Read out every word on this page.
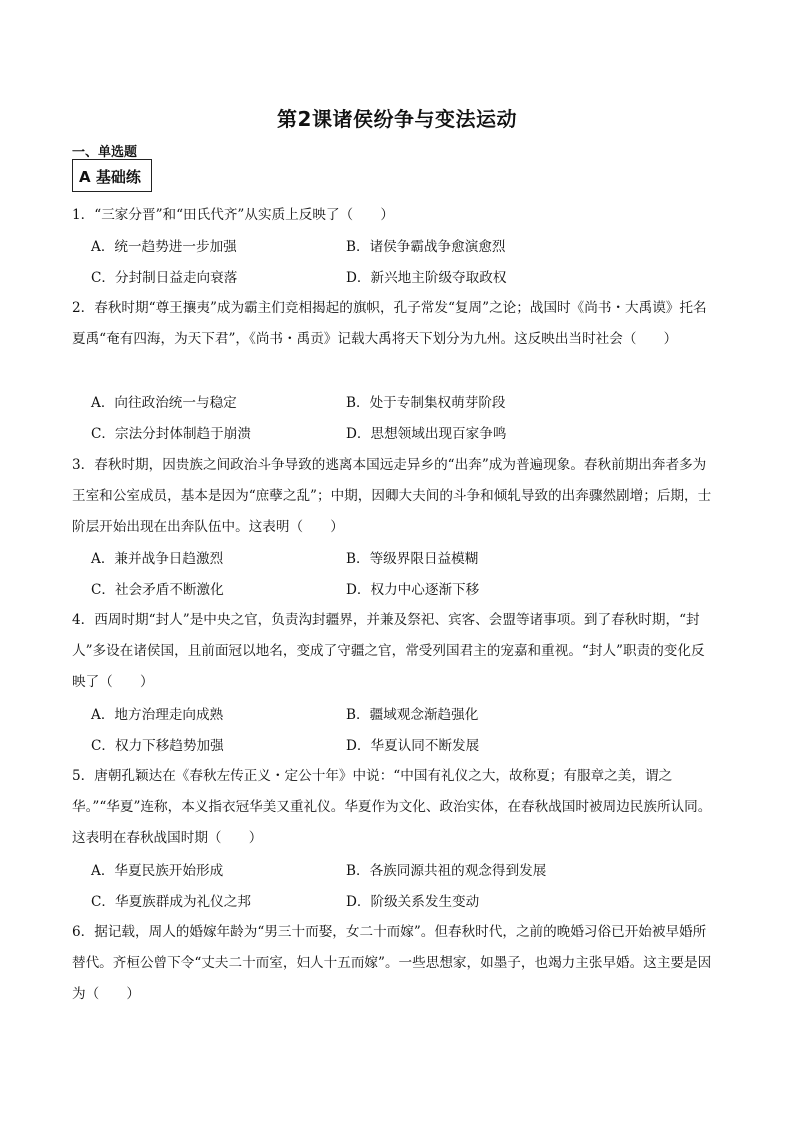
第2课诸侯纷争与变法运动
一、单选题
A 基础练
1．“三家分晋”和“田氏代齐”从实质上反映了（　　）
A．统一趋势进一步加强	B．诸侯争霸战争愈演愈烈
C．分封制日益走向衰落	D．新兴地主阶级夺取政权
2．春秋时期“尊王攘夷”成为霸主们竞相揭起的旗帜，孔子常发“复周”之论；战国时《尚书・大禹谟》托名夏禹“奄有四海，为天下君”，《尚书・禹贡》记载大禹将天下划分为九州。这反映出当时社会（　　）
A．向往政治统一与稳定	B．处于专制集权萌芽阶段
C．宗法分封体制趋于崩溃	D．思想领域出现百家争鸣
3．春秋时期，因贵族之间政治斗争导致的逃离本国远走异乡的“出奔”成为普遍现象。春秋前期出奔者多为王室和公室成员，基本是因为“庶孽之乱”；中期，因卿大夫间的斗争和倾轧导致的出奔骤然剧增；后期，士阶层开始出现在出奔队伍中。这表明（　　）
A．兼并战争日趋激烈	B．等级界限日益模糊
C．社会矛盾不断激化	D．权力中心逐渐下移
4．西周时期“封人”是中央之官，负责沟封疆界，并兼及祭祀、宾客、会盟等诸事项。到了春秋时期，“封人”多设在诸侯国，且前面冠以地名，变成了守疆之官，常受列国君主的宠嘉和重视。“封人”职责的变化反映了（　　）
A．地方治理走向成熟	B．疆域观念渐趋强化
C．权力下移趋势加强	D．华夏认同不断发展
5．唐朝孔颖达在《春秋左传正义・定公十年》中说：“中国有礼仪之大，故称夏；有服章之美，谓之华。”“华夏”连称，本义指衣冠华美又重礼仪。华夏作为文化、政治实体，在春秋战国时被周边民族所认同。这表明在春秋战国时期（　　）
A．华夏民族开始形成	B．各族同源共祖的观念得到发展
C．华夏族群成为礼仪之邦	D．阶级关系发生变动
6．据记载，周人的婚嫁年龄为“男三十而娶，女二十而嫁”。但春秋时代，之前的晚婚习俗已开始被早婚所替代。齐桓公曾下令“丈夫二十而室，妇人十五而嫁”。一些思想家，如墨子，也竭力主张早婚。这主要是因为（　　）
